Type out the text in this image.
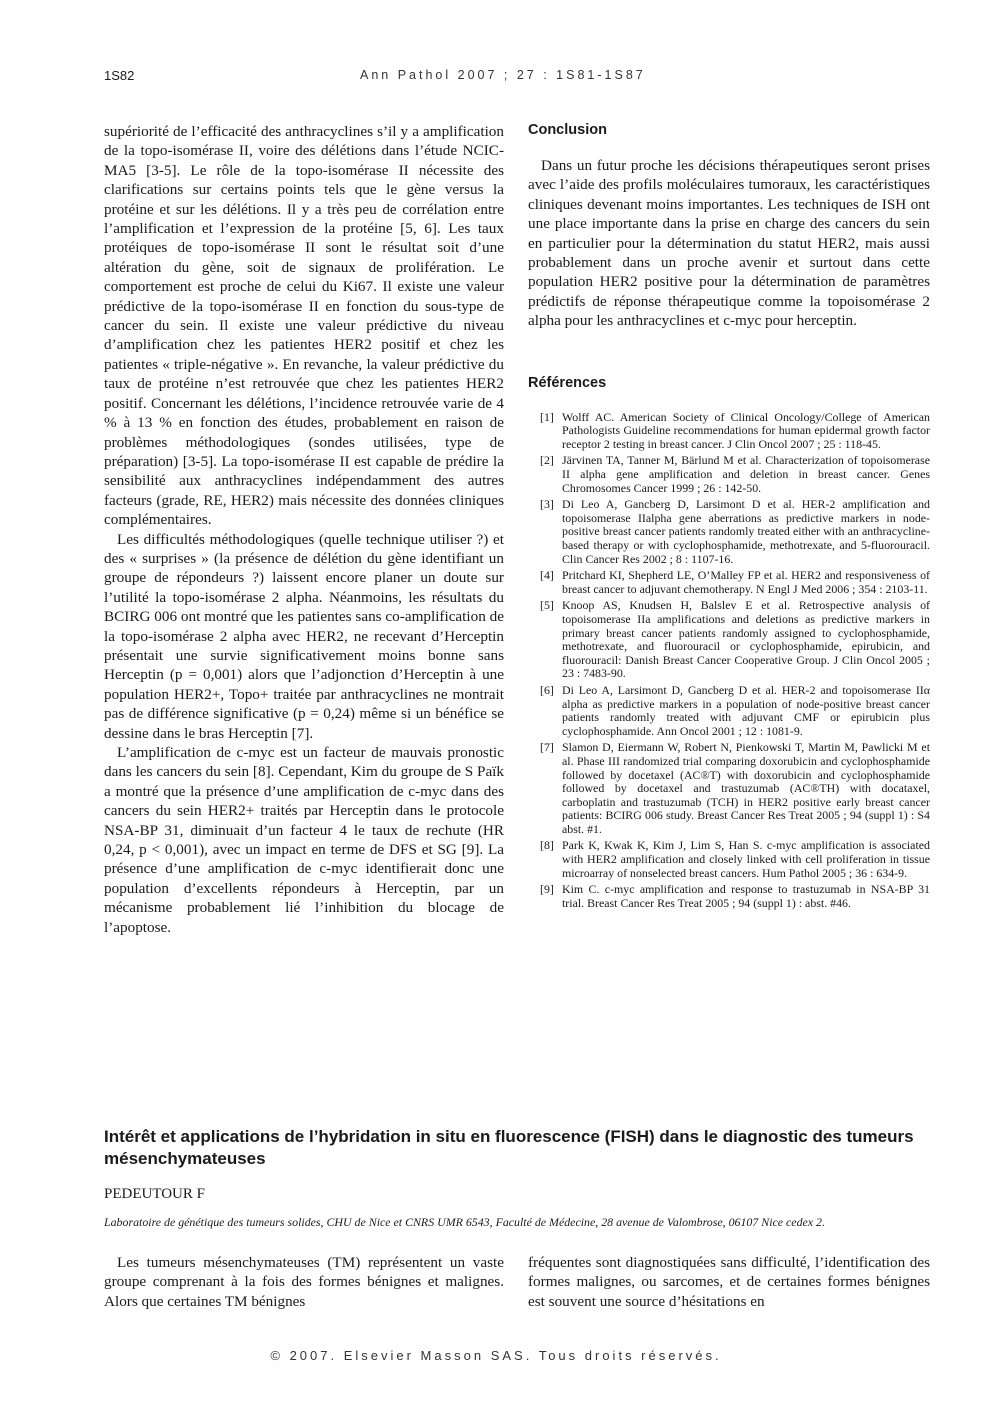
1S82	Ann Pathol 2007 ; 27 : 1S81-1S87

supériorité de l’efficacité des anthracyclines s’il y a amplification de la topo-isomérase II, voire des délétions dans l’étude NCIC-MA5 [3-5]. Le rôle de la topo-isomérase II nécessite des clarifications sur certains points tels que le gène versus la protéine et sur les délétions. Il y a très peu de corrélation entre l’amplification et l’expression de la protéine [5, 6]. Les taux protéiques de topo-isomérase II sont le résultat soit d’une altération du gène, soit de signaux de prolifération. Le comportement est proche de celui du Ki67. Il existe une valeur prédictive de la topo-isomérase II en fonction du sous-type de cancer du sein. Il existe une valeur prédictive du niveau d’amplification chez les patientes HER2 positif et chez les patientes « triple-négative ». En revanche, la valeur prédictive du taux de protéine n’est retrouvée que chez les patientes HER2 positif. Concernant les délétions, l’incidence retrouvée varie de 4 % à 13 % en fonction des études, probablement en raison de problèmes méthodologiques (sondes utilisées, type de préparation) [3-5]. La topo-isomérase II est capable de prédire la sensibilité aux anthracyclines indépendamment des autres facteurs (grade, RE, HER2) mais nécessite des données cliniques complémentaires.

Les difficultés méthodologiques (quelle technique utiliser ?) et des « surprises » (la présence de délétion du gène identifiant un groupe de répondeurs ?) laissent encore planer un doute sur l’utilité la topo-isomérase 2 alpha. Néanmoins, les résultats du BCIRG 006 ont montré que les patientes sans co-amplification de la topo-isomérase 2 alpha avec HER2, ne recevant d’Herceptin présentait une survie significativement moins bonne sans Herceptin (p = 0,001) alors que l’adjonction d’Herceptin à une population HER2+, Topo+ traitée par anthracyclines ne montrait pas de différence significative (p = 0,24) même si un bénéfice se dessine dans le bras Herceptin [7].

L’amplification de c-myc est un facteur de mauvais pronostic dans les cancers du sein [8]. Cependant, Kim du groupe de S Païk a montré que la présence d’une amplification de c-myc dans des cancers du sein HER2+ traités par Herceptin dans le protocole NSA-BP 31, diminuait d’un facteur 4 le taux de rechute (HR 0,24, p < 0,001), avec un impact en terme de DFS et SG [9]. La présence d’une amplification de c-myc identifierait donc une population d’excellents répondeurs à Herceptin, par un mécanisme probablement lié l’inhibition du blocage de l’apoptose.

Conclusion

Dans un futur proche les décisions thérapeutiques seront prises avec l’aide des profils moléculaires tumoraux, les caractéristiques cliniques devenant moins importantes. Les techniques de ISH ont une place importante dans la prise en charge des cancers du sein en particulier pour la détermination du statut HER2, mais aussi probablement dans un proche avenir et surtout dans cette population HER2 positive pour la détermination de paramètres prédictifs de réponse thérapeutique comme la topoisomérase 2 alpha pour les anthracyclines et c-myc pour herceptin.

Références
[1] Wolff AC. American Society of Clinical Oncology/College of American Pathologists Guideline recommendations for human epidermal growth factor receptor 2 testing in breast cancer. J Clin Oncol 2007 ; 25 : 118-45.
[2] Järvinen TA, Tanner M, Bärlund M et al. Characterization of topoisomerase II alpha gene amplification and deletion in breast cancer. Genes Chromosomes Cancer 1999 ; 26 : 142-50.
[3] Di Leo A, Gancberg D, Larsimont D et al. HER-2 amplification and topoisomerase IIalpha gene aberrations as predictive markers in node-positive breast cancer patients randomly treated either with an anthracycline-based therapy or with cyclophosphamide, methotrexate, and 5-fluorouracil. Clin Cancer Res 2002 ; 8 : 1107-16.
[4] Pritchard KI, Shepherd LE, O’Malley FP et al. HER2 and responsiveness of breast cancer to adjuvant chemotherapy. N Engl J Med 2006 ; 354 : 2103-11.
[5] Knoop AS, Knudsen H, Balslev E et al. Retrospective analysis of topoisomerase IIa amplifications and deletions as predictive markers in primary breast cancer patients randomly assigned to cyclophosphamide, methotrexate, and fluorouracil or cyclophosphamide, epirubicin, and fluorouracil: Danish Breast Cancer Cooperative Group. J Clin Oncol 2005 ; 23 : 7483-90.
[6] Di Leo A, Larsimont D, Gancberg D et al. HER-2 and topoisomerase IIα alpha as predictive markers in a population of node-positive breast cancer patients randomly treated with adjuvant CMF or epirubicin plus cyclophosphamide. Ann Oncol 2001 ; 12 : 1081-9.
[7] Slamon D, Eiermann W, Robert N, Pienkowski T, Martin M, Pawlicki M et al. Phase III randomized trial comparing doxorubicin and cyclophosphamide followed by docetaxel (AC®T) with doxorubicin and cyclophosphamide followed by docetaxel and trastuzumab (AC®TH) with docataxel, carboplatin and trastuzumab (TCH) in HER2 positive early breast cancer patients: BCIRG 006 study. Breast Cancer Res Treat 2005 ; 94 (suppl 1) : S4 abst. #1.
[8] Park K, Kwak K, Kim J, Lim S, Han S. c-myc amplification is associated with HER2 amplification and closely linked with cell proliferation in tissue microarray of nonselected breast cancers. Hum Pathol 2005 ; 36 : 634-9.
[9] Kim C. c-myc amplification and response to trastuzumab in NSA-BP 31 trial. Breast Cancer Res Treat 2005 ; 94 (suppl 1) : abst. #46.
Intérêt et applications de l’hybridation in situ en fluorescence (FISH) dans le diagnostic des tumeurs mésenchymateuses
PEDEUTOUR F
Laboratoire de génétique des tumeurs solides, CHU de Nice et CNRS UMR 6543, Faculté de Médecine, 28 avenue de Valombrose, 06107 Nice cedex 2.

Les tumeurs mésenchymateuses (TM) représentent un vaste groupe comprenant à la fois des formes bénignes et malignes. Alors que certaines TM bénignes

fréquentes sont diagnostiquées sans difficulté, l’identification des formes malignes, ou sarcomes, et de certaines formes bénignes est souvent une source d’hésitations en

© 2007. Elsevier Masson SAS. Tous droits réservés.
